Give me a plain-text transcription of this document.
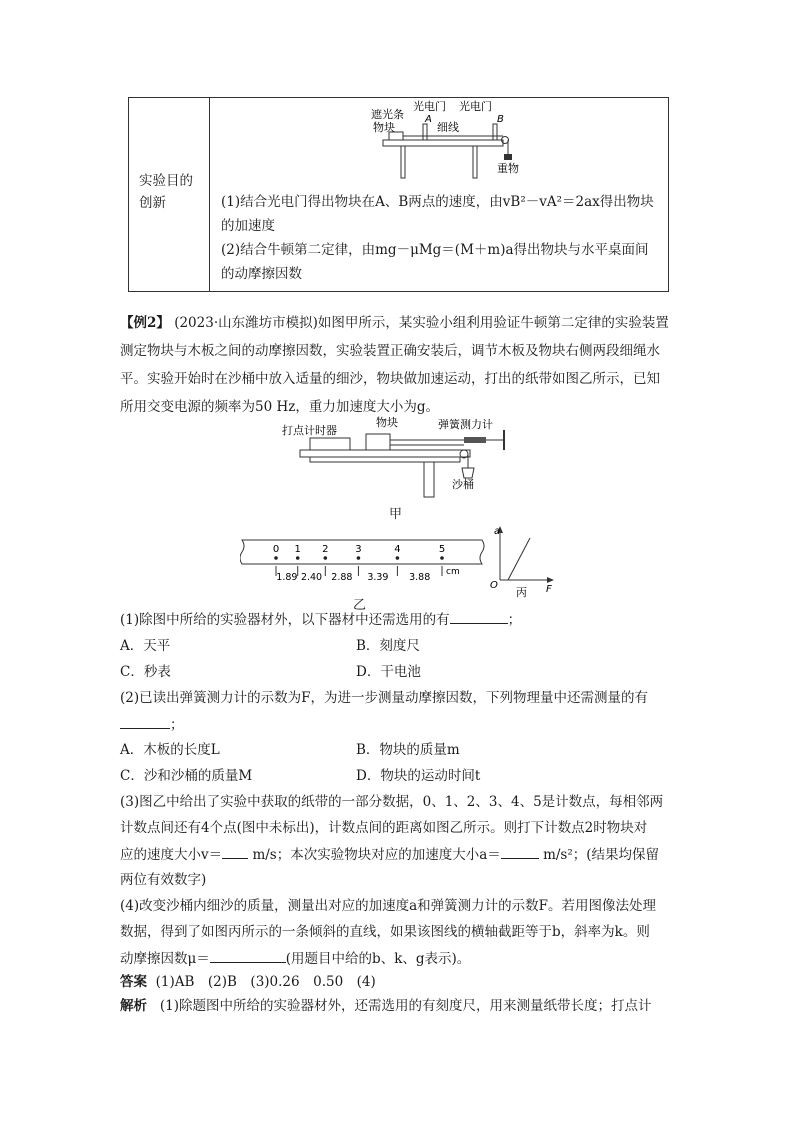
实验目的创新
遮光条
物块
光电门 光电门
A	B
细线
重物
(1)结合光电门得出物块在A、B两点的速度，由vB²－vA²＝2ax得出物块的加速度
(2)结合牛顿第二定律，由mg－μMg＝(M＋m)a得出物块与水平桌面间的动摩擦因数
【例2】 (2023·山东潍坊市模拟)如图甲所示，某实验小组利用验证牛顿第二定律的实验装置
测定物块与木板之间的动摩擦因数，实验装置正确安装后，调节木板及物块右侧两段细绳水
平。实验开始时在沙桶中放入适量的细沙，物块做加速运动，打出的纸带如图乙所示，已知
所用交变电源的频率为50 Hz，重力加速度大小为g。
打点计时器
物块	弹簧测力计
沙桶
甲
0 1 2	3	4	5
1.89 2.40 2.88 3.39 3.88 cm
乙
a
F
O
丙
(1)除图中所给的实验器材外，以下器材中还需选用的有	；
A．天平	B．刻度尺
C．秒表	D．干电池
(2)已读出弹簧测力计的示数为F，为进一步测量动摩擦因数，下列物理量中还需测量的有
；
A．木板的长度L	B．物块的质量m
C．沙和沙桶的质量M	D．物块的运动时间t
(3)图乙中给出了实验中获取的纸带的一部分数据，0、1、2、3、4、5是计数点，每相邻两
计数点间还有4个点(图中未标出)，计数点间的距离如图乙所示。则打下计数点2时物块对
应的速度大小v＝ m/s；本次实验物块对应的加速度大小a＝	m/s²；(结果均保留
两位有效数字)
(4)改变沙桶内细沙的质量，测量出对应的加速度a和弹簧测力计的示数F。若用图像法处理
数据，得到了如图丙所示的一条倾斜的直线，如果该图线的横轴截距等于b，斜率为k。则
动摩擦因数μ＝	(用题目中给的b、k、g表示)。
答案 (1)AB　(2)B　(3)0.26　0.50　(4)
解析 (1)除题图中所给的实验器材外，还需选用的有刻度尺，用来测量纸带长度；打点计
